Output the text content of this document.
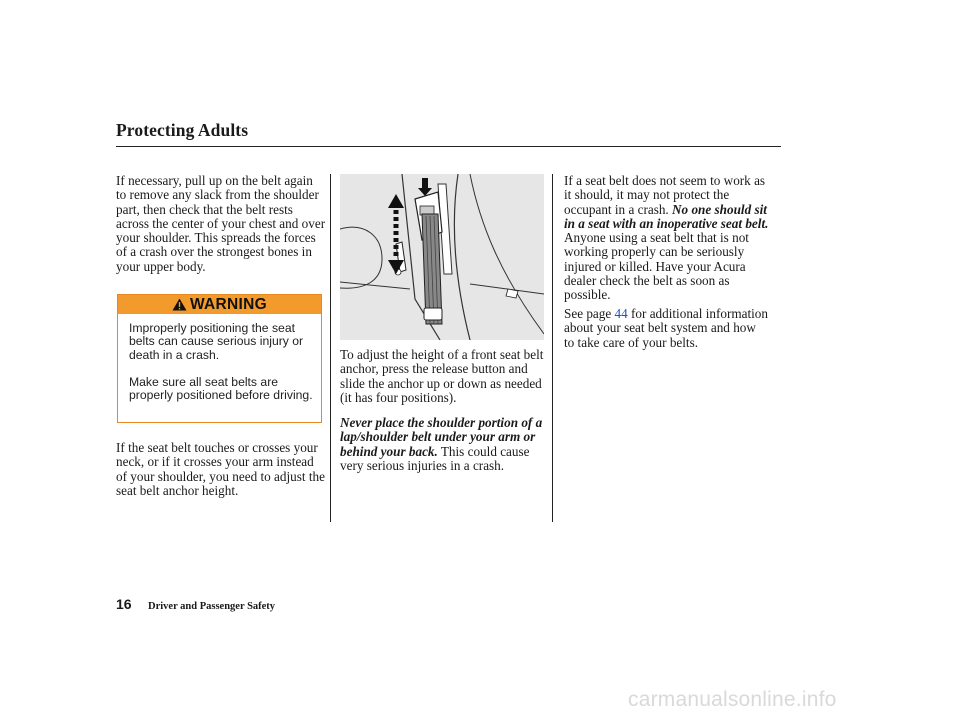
Protecting Adults
If necessary, pull up on the belt again to remove any slack from the shoulder part, then check that the belt rests across the center of your chest and over your shoulder. This spreads the forces of a crash over the strongest bones in your upper body.
WARNING
Improperly positioning the seat belts can cause serious injury or death in a crash.
Make sure all seat belts are properly positioned before driving.
If the seat belt touches or crosses your neck, or if it crosses your arm instead of your shoulder, you need to adjust the seat belt anchor height.
To adjust the height of a front seat belt anchor, press the release button and slide the anchor up or down as needed (it has four positions).
Never place the shoulder portion of a lap/shoulder belt under your arm or behind your back. This could cause very serious injuries in a crash.
If a seat belt does not seem to work as it should, it may not protect the occupant in a crash. No one should sit in a seat with an inoperative seat belt. Anyone using a seat belt that is not working properly can be seriously injured or killed. Have your Acura dealer check the belt as soon as possible.
See page 44 for additional information about your seat belt system and how to take care of your belts.
16 Driver and Passenger Safety
carmanualsonline.info
